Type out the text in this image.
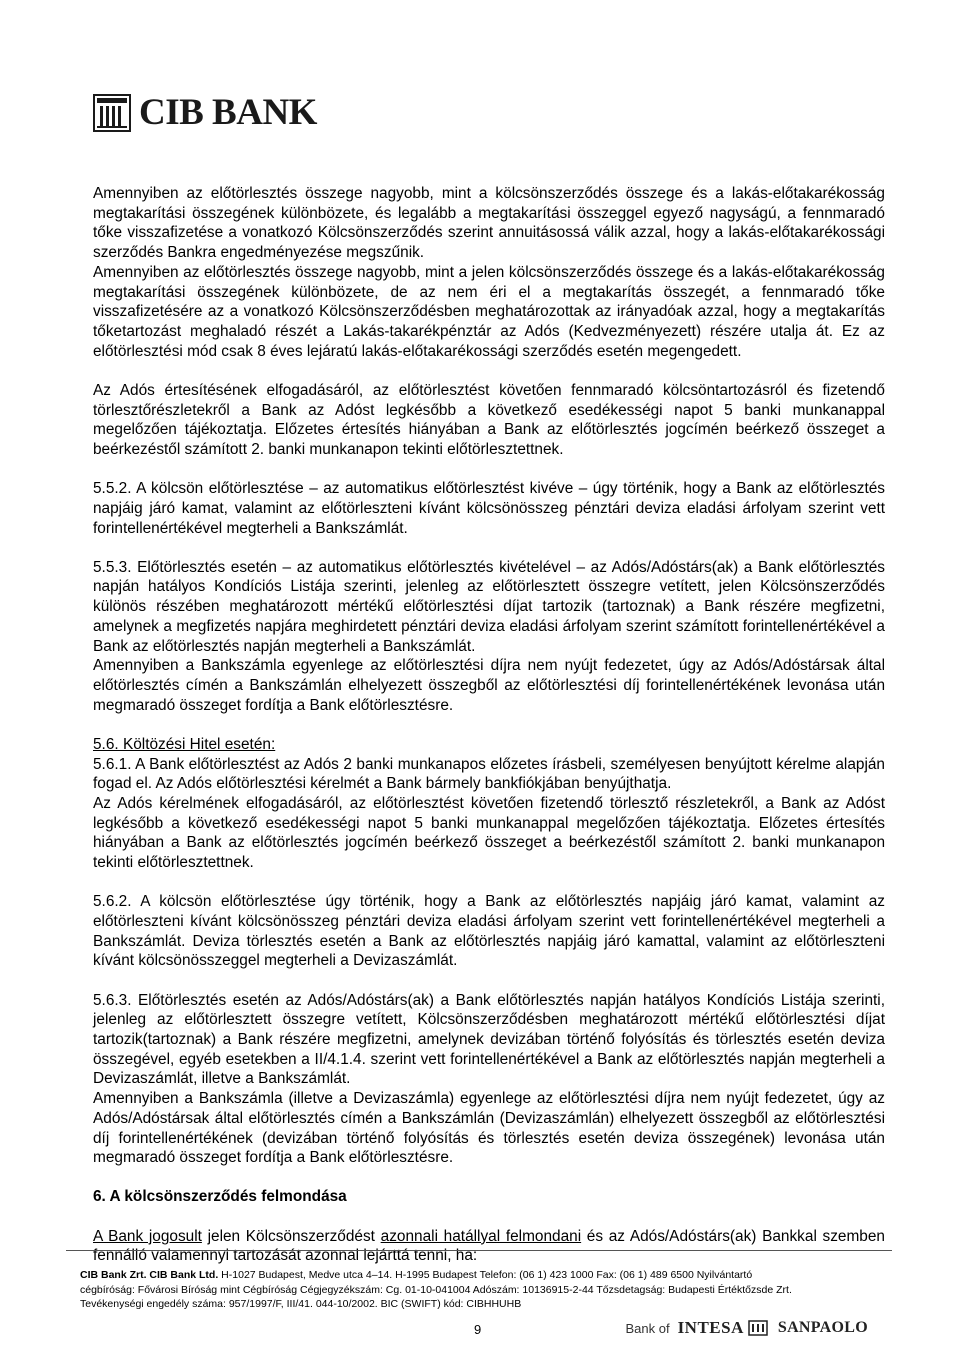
CIB BANK

Amennyiben az előtörlesztés összege nagyobb, mint a kölcsönszerződés összege és a lakás-előtakarékosság megtakarítási összegének különbözete, és legalább a megtakarítási összeggel egyező nagyságú, a fennmaradó tőke visszafizetése a vonatkozó Kölcsönszerződés szerint annuitásossá válik azzal, hogy a lakás-előtakarékossági szerződés Bankra engedményezése megszűnik.

Amennyiben az előtörlesztés összege nagyobb, mint a jelen kölcsönszerződés összege és a lakás-előtakarékosság megtakarítási összegének különbözete, de az nem éri el a megtakarítás összegét, a fennmaradó tőke visszafizetésére az a vonatkozó Kölcsönszerződésben meghatározottak az irányadóak azzal, hogy a megtakarítás tőketartozást meghaladó részét a Lakás-takarékpénztár az Adós (Kedvezményezett) részére utalja át. Ez az előtörlesztési mód csak 8 éves lejáratú lakás-előtakarékossági szerződés esetén megengedett.

Az Adós értesítésének elfogadásáról, az előtörlesztést követően fennmaradó kölcsöntartozásról és fizetendő törlesztőrészletekről a Bank az Adóst legkésőbb a következő esedékességi napot 5 banki munkanappal megelőzően tájékoztatja. Előzetes értesítés hiányában a Bank az előtörlesztés jogcímén beérkező összeget a beérkezéstől számított 2. banki munkanapon tekinti előtörlesztettnek.

5.5.2. A kölcsön előtörlesztése – az automatikus előtörlesztést kivéve – úgy történik, hogy a Bank az előtörlesztés napjáig járó kamat, valamint az előtörleszteni kívánt kölcsönösszeg pénztári deviza eladási árfolyam szerint vett forintellenértékével megterheli a Bankszámlát.

5.5.3. Előtörlesztés esetén – az automatikus előtörlesztés kivételével – az Adós/Adóstárs(ak) a Bank előtörlesztés napján hatályos Kondíciós Listája szerinti, jelenleg az előtörlesztett összegre vetített, jelen Kölcsönszerződés különös részében meghatározott mértékű előtörlesztési díjat tartozik (tartoznak) a Bank részére megfizetni, amelynek a megfizetés napjára meghirdetett pénztári deviza eladási árfolyam szerint számított forintellenértékével a Bank az előtörlesztés napján megterheli a Bankszámlát.

Amennyiben a Bankszámla egyenlege az előtörlesztési díjra nem nyújt fedezetet, úgy az Adós/Adóstársak által előtörlesztés címén a Bankszámlán elhelyezett összegből az előtörlesztési díj forintellenértékének levonása után megmaradó összeget fordítja a Bank előtörlesztésre.

5.6. Költözési Hitel esetén:

5.6.1. A Bank előtörlesztést az Adós 2 banki munkanapos előzetes írásbeli, személyesen benyújtott kérelme alapján fogad el. Az Adós előtörlesztési kérelmét a Bank bármely bankfiókjában benyújthatja.

Az Adós kérelmének elfogadásáról, az előtörlesztést követően fizetendő törlesztő részletekről, a Bank az Adóst legkésőbb a következő esedékességi napot 5 banki munkanappal megelőzően tájékoztatja. Előzetes értesítés hiányában a Bank az előtörlesztés jogcímén beérkező összeget a beérkezéstől számított 2. banki munkanapon tekinti előtörlesztettnek.

5.6.2. A kölcsön előtörlesztése úgy történik, hogy a Bank az előtörlesztés napjáig járó kamat, valamint az előtörleszteni kívánt kölcsönösszeg pénztári deviza eladási árfolyam szerint vett forintellenértékével megterheli a Bankszámlát. Deviza törlesztés esetén a Bank az előtörlesztés napjáig járó kamattal, valamint az előtörleszteni kívánt kölcsönösszeggel megterheli a Devizaszámlát.

5.6.3. Előtörlesztés esetén az Adós/Adóstárs(ak) a Bank előtörlesztés napján hatályos Kondíciós Listája szerinti, jelenleg az előtörlesztett összegre vetített, Kölcsönszerződésben meghatározott mértékű előtörlesztési díjat tartozik(tartoznak) a Bank részére megfizetni, amelynek devizában történő folyósítás és törlesztés esetén deviza összegével, egyéb esetekben a II/4.1.4. szerint vett forintellenértékével a Bank az előtörlesztés napján megterheli a Devizaszámlát, illetve a Bankszámlát.

Amennyiben a Bankszámla (illetve a Devizaszámla) egyenlege az előtörlesztési díjra nem nyújt fedezetet, úgy az Adós/Adóstársak által előtörlesztés címén a Bankszámlán (Devizaszámlán) elhelyezett összegből az előtörlesztési díj forintellenértékének (devizában történő folyósítás és törlesztés esetén deviza összegének) levonása után megmaradó összeget fordítja a Bank előtörlesztésre.

6. A kölcsönszerződés felmondása

A Bank jogosult jelen Kölcsönszerződést azonnali hatállyal felmondani és az Adós/Adóstárs(ak) Bankkal szemben fennálló valamennyi tartozását azonnal lejárttá tenni, ha:

CIB Bank Zrt. CIB Bank Ltd. H-1027 Budapest, Medve utca 4–14. H-1995 Budapest Telefon: (06 1) 423 1000 Fax: (06 1) 489 6500 Nyilvántartó
cégbíróság: Fővárosi Bíróság mint Cégbíróság Cégjegyzékszám: Cg. 01-10-041004 Adószám: 10136915-2-44 Tőzsdetagság: Budapesti Értéktőzsde Zrt.
Tevékenységi engedély száma: 957/1997/F, III/41. 044-10/2002. BIC (SWIFT) kód: CIBHHUHB
9	Bank of INTESA SANPAOLO
